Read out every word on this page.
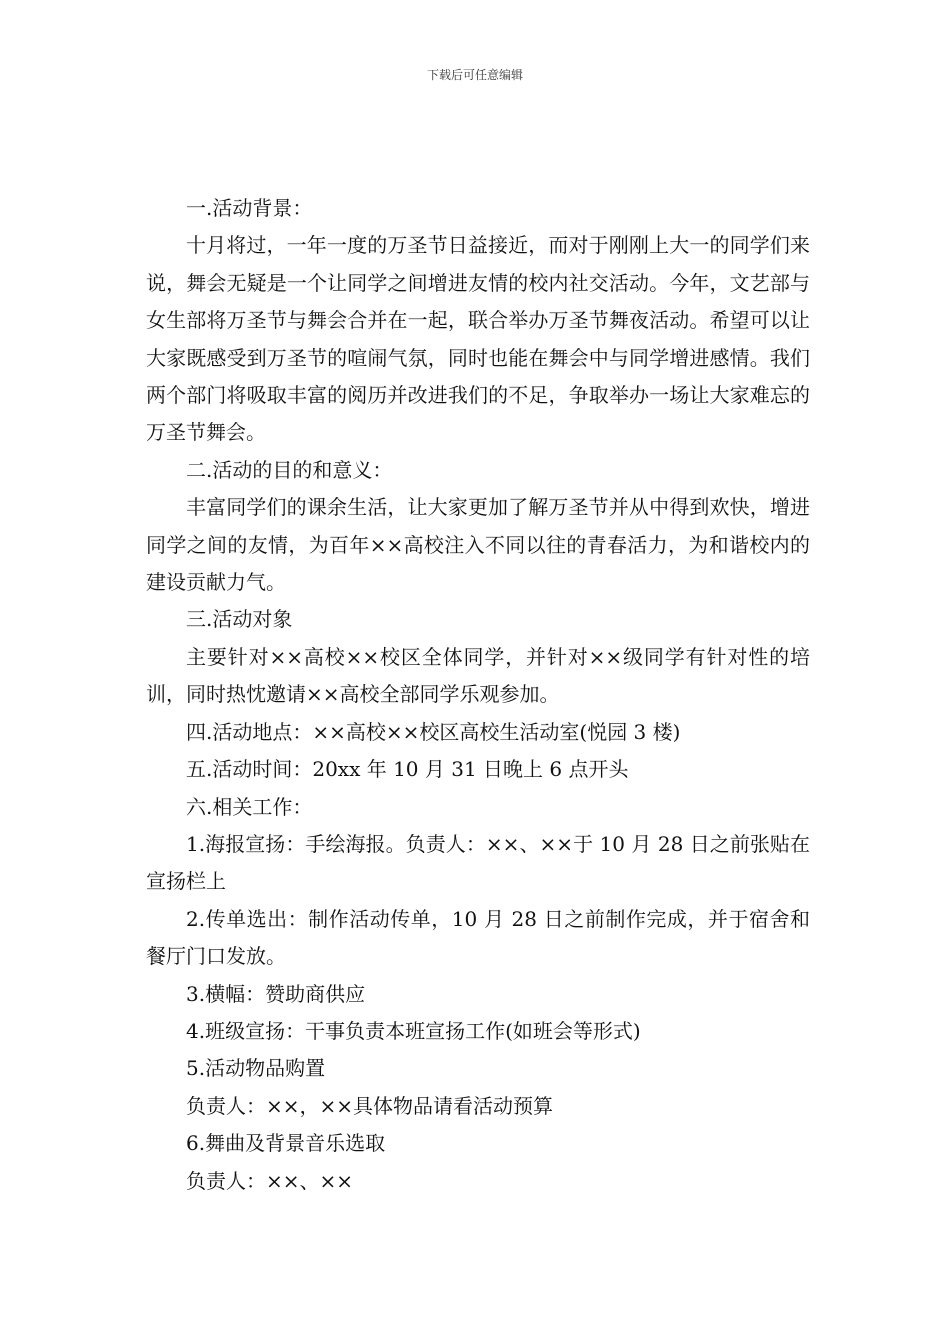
下载后可任意编辑

一.活动背景：

十月将过，一年一度的万圣节日益接近，而对于刚刚上大一的同学们来说，舞会无疑是一个让同学之间增进友情的校内社交活动。今年，文艺部与女生部将万圣节与舞会合并在一起，联合举办万圣节舞夜活动。希望可以让大家既感受到万圣节的喧闹气氛，同时也能在舞会中与同学增进感情。我们两个部门将吸取丰富的阅历并改进我们的不足，争取举办一场让大家难忘的万圣节舞会。

二.活动的目的和意义：

丰富同学们的课余生活，让大家更加了解万圣节并从中得到欢快，增进同学之间的友情，为百年××高校注入不同以往的青春活力，为和谐校内的建设贡献力气。

三.活动对象

主要针对××高校××校区全体同学，并针对××级同学有针对性的培训，同时热忱邀请××高校全部同学乐观参加。

四.活动地点：××高校××校区高校生活动室(悦园 3 楼)

五.活动时间：20xx 年 10 月 31 日晚上 6 点开头

六.相关工作：

1.海报宣扬：手绘海报。负责人：××、××于 10 月 28 日之前张贴在宣扬栏上

2.传单选出：制作活动传单，10 月 28 日之前制作完成，并于宿舍和餐厅门口发放。

3.横幅：赞助商供应

4.班级宣扬：干事负责本班宣扬工作(如班会等形式)

5.活动物品购置

负责人：××，××具体物品请看活动预算

6.舞曲及背景音乐选取

负责人：××、××
